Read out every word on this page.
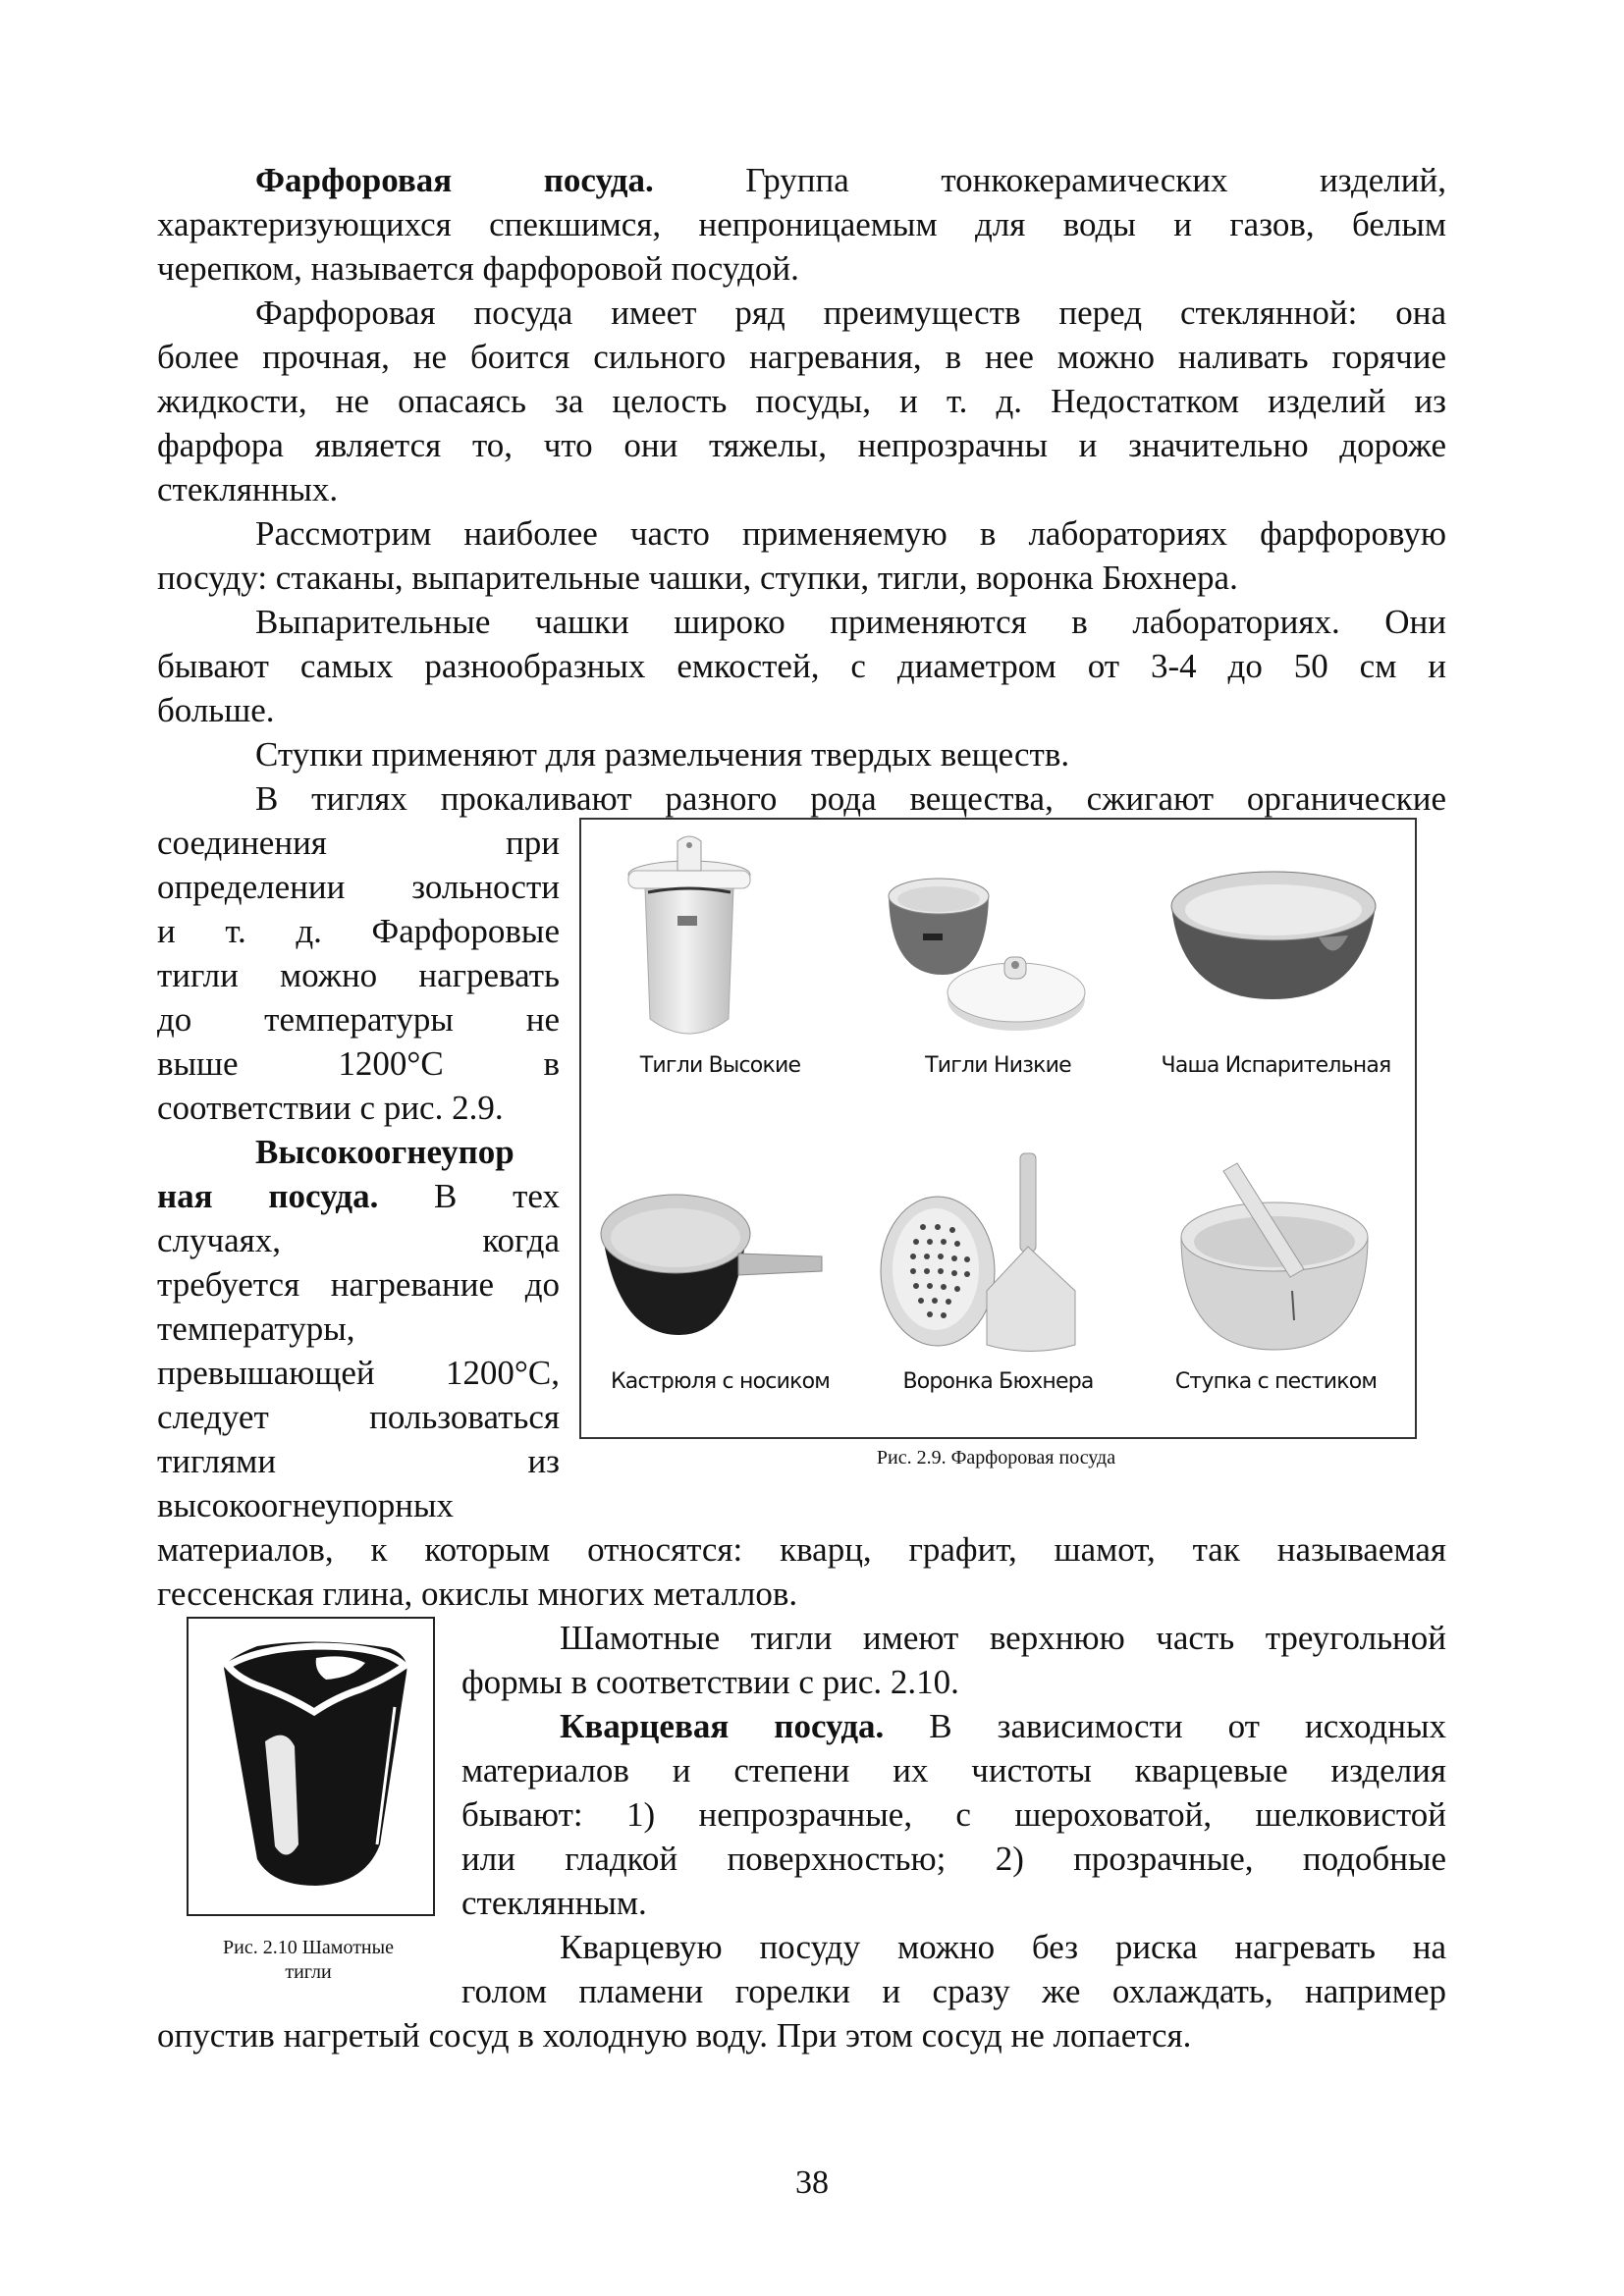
Фарфоровая посуда. Группа тонкокерамических изделий,
характеризующихся спекшимся, непроницаемым для воды и газов, белым
черепком, называется фарфоровой посудой.
Фарфоровая посуда имеет ряд преимуществ перед стеклянной: она
более прочная, не боится сильного нагревания, в нее можно наливать горячие
жидкости, не опасаясь за целость посуды, и т. д. Недостатком изделий из
фарфора является то, что они тяжелы, непрозрачны и значительно дороже
стеклянных.
Рассмотрим наиболее часто применяемую в лабораториях фарфоровую
посуду: стаканы, выпарительные чашки, ступки, тигли, воронка Бюхнера.
Выпарительные чашки широко применяются в лабораториях. Они
бывают самых разнообразных емкостей, с диаметром от 3-4 до 50 см и
больше.
Ступки применяют для размельчения твердых веществ.
В тиглях прокаливают разного рода вещества, сжигают органические
соединения при
определении зольности
и т. д. Фарфоровые
тигли можно нагревать
до температуры не
выше 1200°С в
соответствии с рис. 2.9.
Высокоогнеупор
ная посуда. В тех
случаях, когда
требуется нагревание до
температуры,
превышающей 1200°С,
следует пользоваться
тиглями из
высокоогнеупорных
Тигли Высокие	Тигли Низкие	Чаша Испарительная
Кастрюля с носиком	Воронка Бюхнера	Ступка с пестиком
Рис. 2.9. Фарфоровая посуда
материалов, к которым относятся: кварц, графит, шамот, так называемая
гессенская глина, окислы многих металлов.
Рис. 2.10 Шамотные
тигли
Шамотные тигли имеют верхнюю часть треугольной
формы в соответствии с рис. 2.10.
Кварцевая посуда. В зависимости от исходных
материалов и степени их чистоты кварцевые изделия
бывают: 1) непрозрачные, с шероховатой, шелковистой
или гладкой поверхностью; 2) прозрачные, подобные
стеклянным.
Кварцевую посуду можно без риска нагревать на
голом пламени горелки и сразу же охлаждать, например
опустив нагретый сосуд в холодную воду. При этом сосуд не лопается.
38
